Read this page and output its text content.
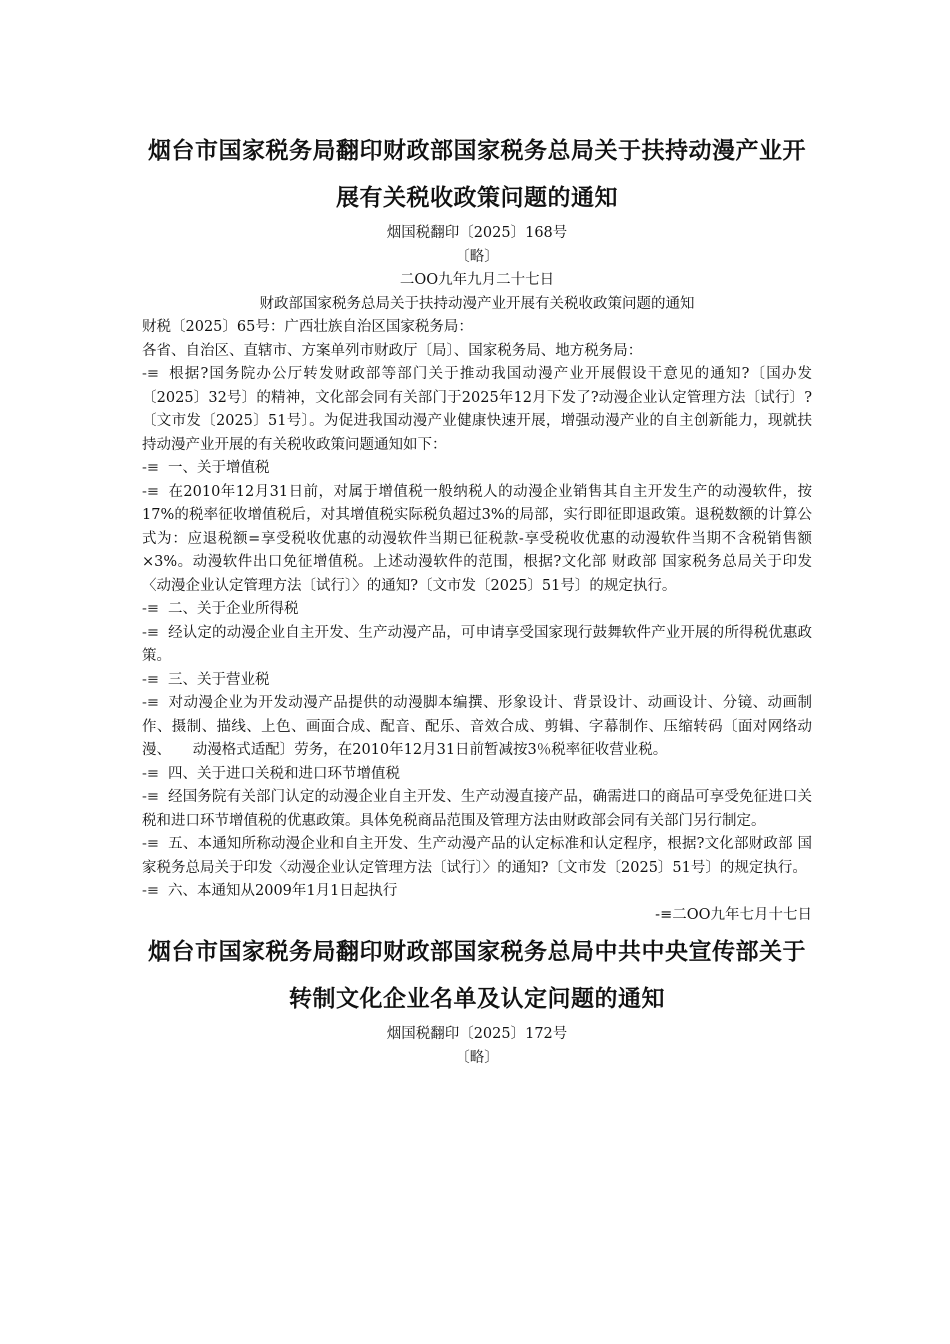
烟台市国家税务局翻印财政部国家税务总局关于扶持动漫产业开
展有关税收政策问题的通知
烟国税翻印〔2025〕168号
〔略〕
二OO九年九月二十七日
财政部国家税务总局关于扶持动漫产业开展有关税收政策问题的通知

财税〔2025〕65号：广西壮族自治区国家税务局：

各省、自治区、直辖市、方案单列市财政厅〔局〕、国家税务局、地方税务局：

-≡ 根据?国务院办公厅转发财政部等部门关于推动我国动漫产业开展假设干意见的通知?〔国办发〔2025〕32号〕的精神，文化部会同有关部门于2025年12月下发了?动漫企业认定管理方法〔试行〕?〔文市发〔2025〕51号〕。为促进我国动漫产业健康快速开展，增强动漫产业的自主创新能力，现就扶持动漫产业开展的有关税收政策问题通知如下：

-≡ 一、关于增值税

-≡ 在2010年12月31日前，对属于增值税一般纳税人的动漫企业销售其自主开发生产的动漫软件，按17%的税率征收增值税后，对其增值税实际税负超过3%的局部，实行即征即退政策。退税数额的计算公式为：应退税额=享受税收优惠的动漫软件当期已征税款-享受税收优惠的动漫软件当期不含税销售额×3%。动漫软件出口免征增值税。上述动漫软件的范围，根据?文化部 财政部 国家税务总局关于印发〈动漫企业认定管理方法〔试行〕〉的通知?〔文市发〔2025〕51号〕的规定执行。

-≡ 二、关于企业所得税

-≡ 经认定的动漫企业自主开发、生产动漫产品，可申请享受国家现行鼓舞软件产业开展的所得税优惠政策。

-≡ 三、关于营业税

-≡ 对动漫企业为开发动漫产品提供的动漫脚本编撰、形象设计、背景设计、动画设计、分镜、动画制作、摄制、描线、上色、画面合成、配音、配乐、音效合成、剪辑、字幕制作、压缩转码〔面对网络动漫、　　动漫格式适配〕劳务，在2010年12月31日前暂减按3％税率征收营业税。

-≡ 四、关于进口关税和进口环节增值税

-≡ 经国务院有关部门认定的动漫企业自主开发、生产动漫直接产品，确需进口的商品可享受免征进口关税和进口环节增值税的优惠政策。具体免税商品范围及管理方法由财政部会同有关部门另行制定。

-≡ 五、本通知所称动漫企业和自主开发、生产动漫产品的认定标准和认定程序，根据?文化部财政部 国家税务总局关于印发〈动漫企业认定管理方法〔试行〕〉的通知?〔文市发〔2025〕51号〕的规定执行。

-≡ 六、本通知从2009年1月1日起执行

-≡二OO九年七月十七日
烟台市国家税务局翻印财政部国家税务总局中共中央宣传部关于
转制文化企业名单及认定问题的通知
烟国税翻印〔2025〕172号
〔略〕
